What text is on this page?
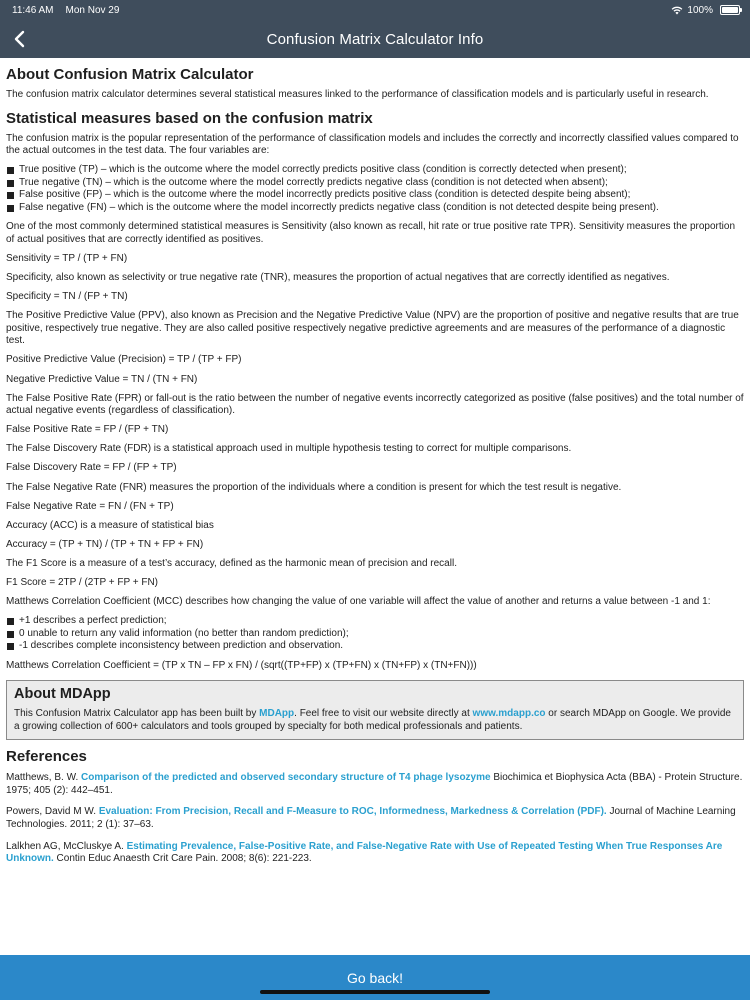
11:46 AM Mon Nov 29	100%
Confusion Matrix Calculator Info
About Confusion Matrix Calculator

The confusion matrix calculator determines several statistical measures linked to the performance of classification models and is particularly useful in research.

Statistical measures based on the confusion matrix

The confusion matrix is the popular representation of the performance of classification models and includes the correctly and incorrectly classified values compared to the actual outcomes in the test data. The four variables are:

True positive (TP) – which is the outcome where the model correctly predicts positive class (condition is correctly detected when present);
True negative (TN) – which is the outcome where the model correctly predicts negative class (condition is not detected when absent);
False positive (FP) – which is the outcome where the model incorrectly predicts positive class (condition is detected despite being absent);
False negative (FN) – which is the outcome where the model incorrectly predicts negative class (condition is not detected despite being present).

One of the most commonly determined statistical measures is Sensitivity (also known as recall, hit rate or true positive rate TPR). Sensitivity measures the proportion of actual positives that are correctly identified as positives.

Sensitivity = TP / (TP + FN)

Specificity, also known as selectivity or true negative rate (TNR), measures the proportion of actual negatives that are correctly identified as negatives.

Specificity = TN / (FP + TN)

The Positive Predictive Value (PPV), also known as Precision and the Negative Predictive Value (NPV) are the proportion of positive and negative results that are true positive, respectively true negative. They are also called positive respectively negative predictive agreements and are measures of the performance of a diagnostic test.

Positive Predictive Value (Precision) = TP / (TP + FP)

Negative Predictive Value = TN / (TN + FN)

The False Positive Rate (FPR) or fall-out is the ratio between the number of negative events incorrectly categorized as positive (false positives) and the total number of actual negative events (regardless of classification).

False Positive Rate = FP / (FP + TN)

The False Discovery Rate (FDR) is a statistical approach used in multiple hypothesis testing to correct for multiple comparisons.

False Discovery Rate = FP / (FP + TP)

The False Negative Rate (FNR) measures the proportion of the individuals where a condition is present for which the test result is negative.

False Negative Rate = FN / (FN + TP)

Accuracy (ACC) is a measure of statistical bias

Accuracy = (TP + TN) / (TP + TN + FP + FN)

The F1 Score is a measure of a test’s accuracy, defined as the harmonic mean of precision and recall.

F1 Score = 2TP / (2TP + FP + FN)

Matthews Correlation Coefficient (MCC) describes how changing the value of one variable will affect the value of another and returns a value between -1 and 1:

+1 describes a perfect prediction;
0 unable to return any valid information (no better than random prediction);
-1 describes complete inconsistency between prediction and observation.

Matthews Correlation Coefficient = (TP x TN – FP x FN) / (sqrt((TP+FP) x (TP+FN) x (TN+FP) x (TN+FN)))

About MDApp

This Confusion Matrix Calculator app has been built by MDApp. Feel free to visit our website directly at www.mdapp.co or search MDApp on Google. We provide a growing collection of 600+ calculators and tools grouped by specialty for both medical professionals and patients.

References

Matthews, B. W. Comparison of the predicted and observed secondary structure of T4 phage lysozyme Biochimica et Biophysica Acta (BBA) - Protein Structure. 1975; 405 (2): 442–451.

Powers, David M W. Evaluation: From Precision, Recall and F-Measure to ROC, Informedness, Markedness & Correlation (PDF). Journal of Machine Learning Technologies. 2011; 2 (1): 37–63.

Lalkhen AG, McCluskye A. Estimating Prevalence, False-Positive Rate, and False-Negative Rate with Use of Repeated Testing When True Responses Are Unknown. Contin Educ Anaesth Crit Care Pain. 2008; 8(6): 221-223.

Go back!
